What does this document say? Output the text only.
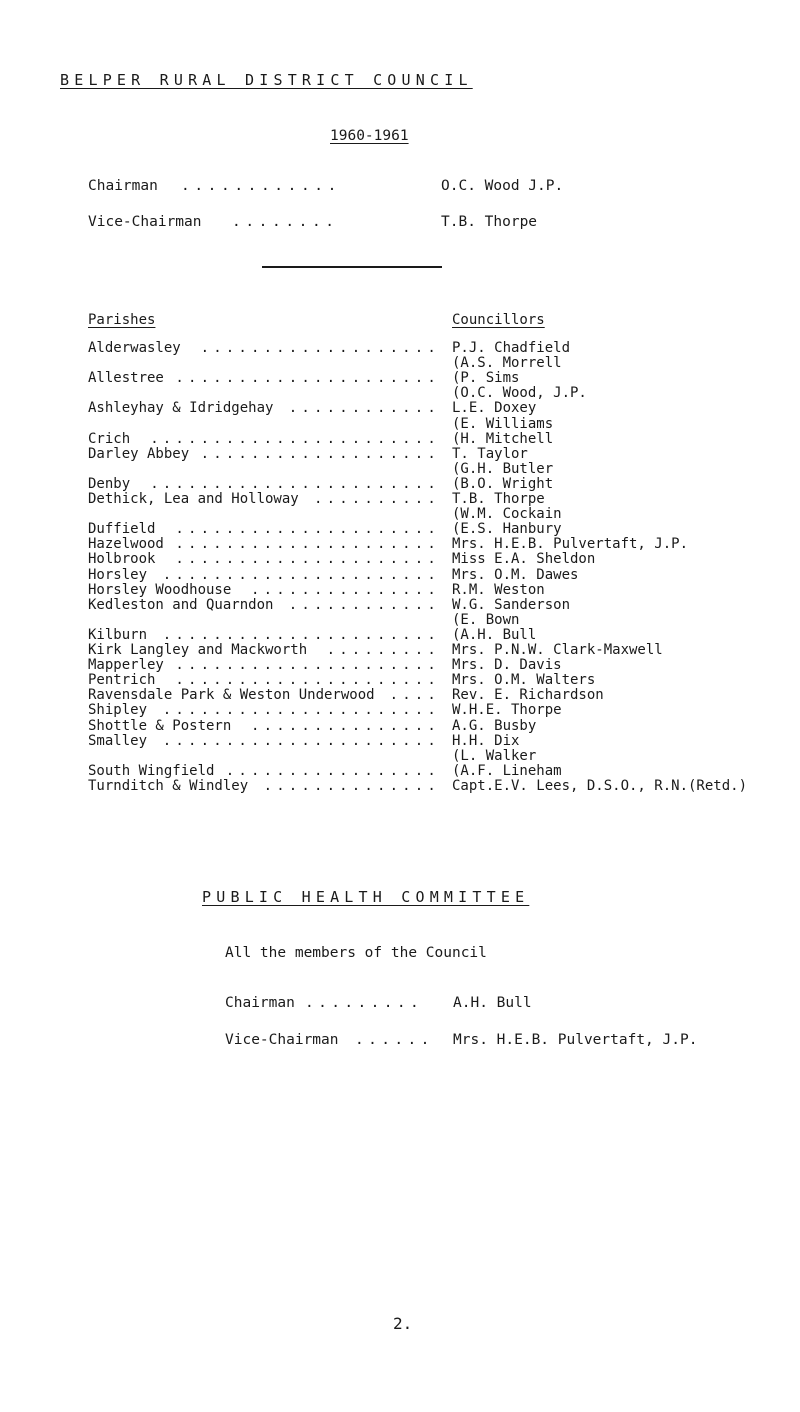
BELPER RURAL DISTRICT COUNCIL
1960-1961
Chairman ............	O.C. Wood J.P.
Vice-Chairman ........	T.B. Thorpe
Parishes	Councillors
Alderwasley ................... P.J. Chadfield
(A.S. Morrell
Allestree ..................... (P. Sims
(O.C. Wood, J.P.
Ashleyhay & Idridgehay ............ L.E. Doxey
(E. Williams
Crich ....................... (H. Mitchell
Darley Abbey ................... T. Taylor
(G.H. Butler
Denby ....................... (B.O. Wright
Dethick, Lea and Holloway .......... T.B. Thorpe
(W.M. Cockain
Duffield ..................... (E.S. Hanbury
Hazelwood ..................... Mrs. H.E.B. Pulvertaft, J.P.
Holbrook ..................... Miss E.A. Sheldon
Horsley ...................... Mrs. O.M. Dawes
Horsley Woodhouse ............... R.M. Weston
Kedleston and Quarndon ............ W.G. Sanderson
(E. Bown
Kilburn ...................... (A.H. Bull
Kirk Langley and Mackworth ......... Mrs. P.N.W. Clark-Maxwell
Mapperley ..................... Mrs. D. Davis
Pentrich ..................... Mrs. O.M. Walters
Ravensdale Park & Weston Underwood .... Rev. E. Richardson
Shipley ...................... W.H.E. Thorpe
Shottle & Postern ............... A.G. Busby
Smalley ...................... H.H. Dix
(L. Walker
South Wingfield ................. (A.F. Lineham
Turnditch & Windley .............. Capt.E.V. Lees, D.S.O., R.N.(Retd.)
PUBLIC HEALTH COMMITTEE
All the members of the Council
Chairman ......... A.H. Bull
Vice-Chairman ...... Mrs. H.E.B. Pulvertaft, J.P.
2.
